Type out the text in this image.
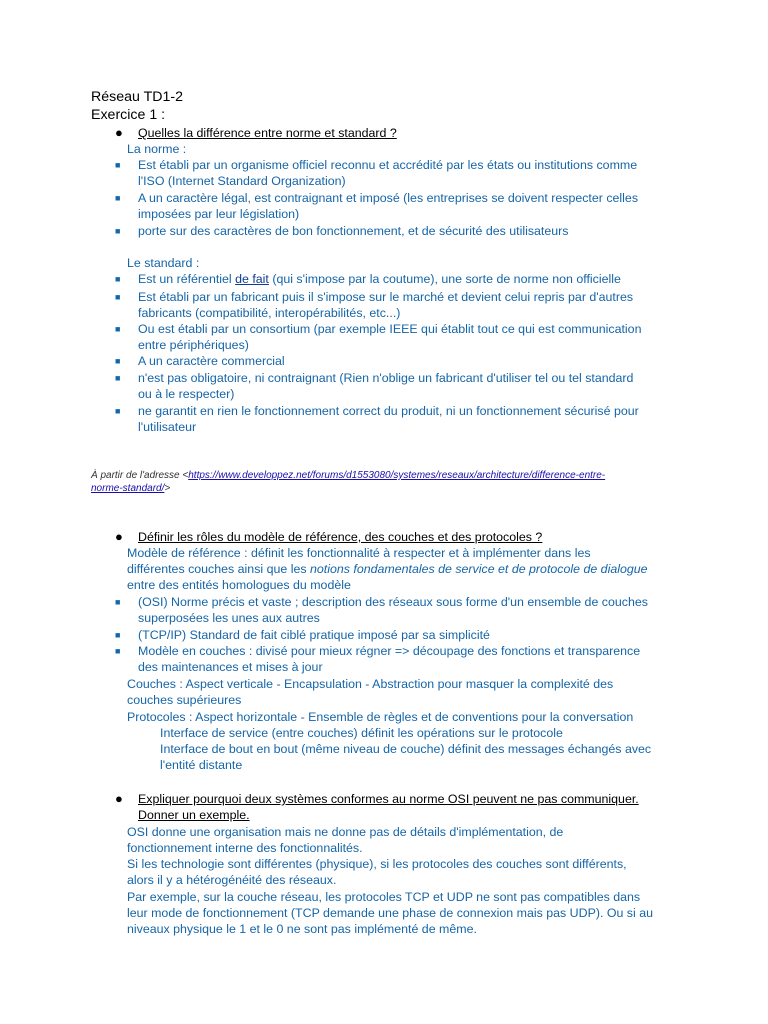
Réseau TD1-2
Exercice 1 :
● Quelles la différence entre norme et standard ?
La norme :
■ Est établi par un organisme officiel reconnu et accrédité par les états ou institutions comme
l'ISO (Internet Standard Organization)
■ A un caractère légal, est contraignant et imposé (les entreprises se doivent respecter celles
imposées par leur législation)
■ porte sur des caractères de bon fonctionnement, et de sécurité des utilisateurs
Le standard :
■ Est un référentiel de fait (qui s'impose par la coutume), une sorte de norme non officielle
■ Est établi par un fabricant puis il s'impose sur le marché et devient celui repris par d'autres
fabricants (compatibilité, interopérabilités, etc...)
■ Ou est établi par un consortium (par exemple IEEE qui établit tout ce qui est communication
entre périphériques)
■ A un caractère commercial
■ n'est pas obligatoire, ni contraignant (Rien n'oblige un fabricant d'utiliser tel ou tel standard
ou à le respecter)
■ ne garantit en rien le fonctionnement correct du produit, ni un fonctionnement sécurisé pour
l'utilisateur
À partir de l'adresse <https://www.developpez.net/forums/d1553080/systemes/reseaux/architecture/difference-entre-
norme-standard/>
● Définir les rôles du modèle de référence, des couches et des protocoles ?
Modèle de référence : définit les fonctionnalité à respecter et à implémenter dans les
différentes couches ainsi que les notions fondamentales de service et de protocole de dialogue
entre des entités homologues du modèle
■ (OSI) Norme précis et vaste ; description des réseaux sous forme d'un ensemble de couches
superposées les unes aux autres
■ (TCP/IP) Standard de fait ciblé pratique imposé par sa simplicité
■ Modèle en couches : divisé pour mieux régner => découpage des fonctions et transparence
des maintenances et mises à jour
Couches : Aspect verticale - Encapsulation - Abstraction pour masquer la complexité des
couches supérieures
Protocoles : Aspect horizontale - Ensemble de règles et de conventions pour la conversation
Interface de service (entre couches) définit les opérations sur le protocole
Interface de bout en bout (même niveau de couche) définit des messages échangés avec
l'entité distante
● Expliquer pourquoi deux systèmes conformes au norme OSI peuvent ne pas communiquer.
Donner un exemple.
OSI donne une organisation mais ne donne pas de détails d'implémentation, de
fonctionnement interne des fonctionnalités.
Si les technologie sont différentes (physique), si les protocoles des couches sont différents,
alors il y a hétérogénéité des réseaux.
Par exemple, sur la couche réseau, les protocoles TCP et UDP ne sont pas compatibles dans
leur mode de fonctionnement (TCP demande une phase de connexion mais pas UDP). Ou si au
niveaux physique le 1 et le 0 ne sont pas implémenté de même.
